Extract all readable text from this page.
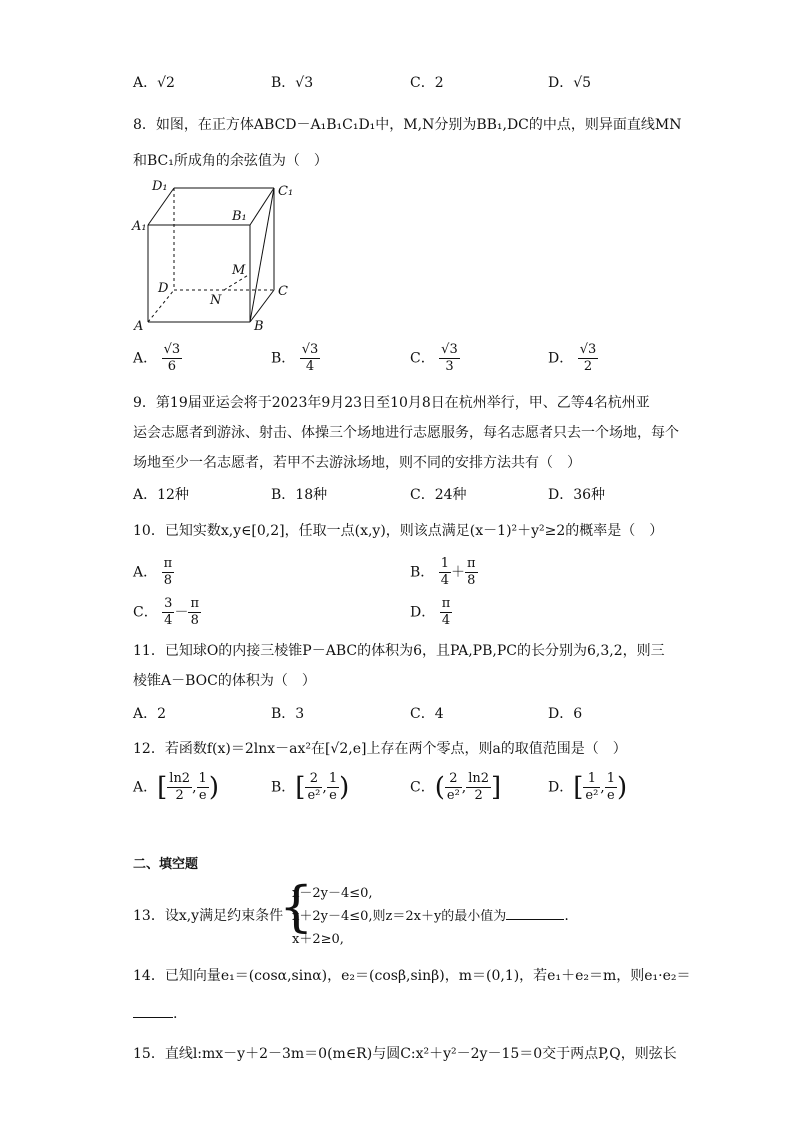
A．√2	B．√3	C．2	D．√5
8．如图，在正方体ABCD－A₁B₁C₁D₁中，M,N分别为BB₁,DC的中点，则异面直线MN
和BC₁所成角的余弦值为（　）
D₁	C₁
A₁
B₁
M
D
N
C
A	B
A． $\frac{√3}{6}$	B． $\frac{√3}{4}$	C． $\frac{√3}{3}$	D． $\frac{√3}{2}$
9．第19届亚运会将于2023年9月23日至10月8日在杭州举行，甲、乙等4名杭州亚
运会志愿者到游泳、射击、体操三个场地进行志愿服务，每名志愿者只去一个场地，每个
场地至少一名志愿者，若甲不去游泳场地，则不同的安排方法共有（　）
A．12种	B．18种	C．24种	D．36种
10．已知实数x,y∈[0,2]，任取一点(x,y)，则该点满足(x－1)²＋y²≥2的概率是（　）
A． $\frac{\pi}{8}$	B． $\frac{1}{4} + \frac{\pi}{8}$
C． $\frac{3}{4} - \frac{\pi}{8}$	D． $\frac{\pi}{4}$
11．已知球O的内接三棱锥P－ABC的体积为6，且PA,PB,PC的长分别为6,3,2，则三
棱锥A－BOC的体积为（　）
A．2	B．3	C．4	D．6
12．若函数f(x)＝2lnx－ax²在[√2,e]上存在两个零点，则a的取值范围是（　）
A．[ $\frac{\ln 2}{2}$ , $\frac{1}{e}$ )	B．[ $\frac{2}{\text{e²}}$ , $\frac{1}{e}$ )	C．( $\frac{2}{\text{e²}}$ , $\frac{\ln 2}{2}$ ]	D．[ $\frac{1}{\text{e²}}$ , $\frac{1}{e}$ )
二、填空题
13．设x,y满足约束条件
{
x－2y－4≤0,
x＋2y－4≤0,则z＝2x＋y的最小值为	.
x＋2≥0,
14．已知向量e₁＝(cosα,sinα)，e₂＝(cosβ,sinβ)，m＝(0,1)，若e₁＋e₂＝m，则e₁·e₂＝
.
15．直线l:mx－y＋2－3m＝0(m∈R)与圆C:x²＋y²－2y－15＝0交于两点P,Q，则弦长
